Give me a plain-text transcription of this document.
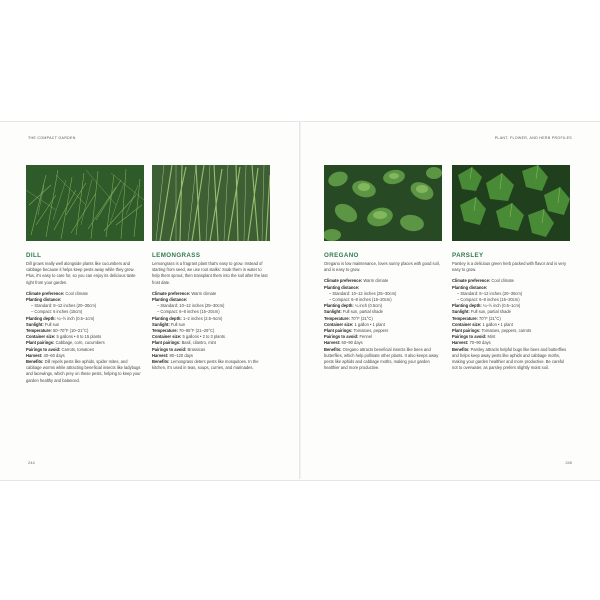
THE COMPACT GARDEN	PLANT, FLOWER, AND HERB PROFILES
244	245
DILL
Dill grows really well alongside plants like cucumbers and cabbage because it helps keep pests away while they grow. Plus, it's easy to care for, so you can enjoy its delicious taste right from your garden.
Climate preference: Cool climate
Planting distance:
– Standard: 8–12 inches (20–30cm)
– Compact: 6 inches (15cm)
Planting depth: ¼–½ inch (0.5–1cm)
Sunlight: Full sun
Temperature: 50–70°F (10–21°C)
Container size: 5 gallons • 6 to 15 plants
Plant pairings: Cabbage, corn, cucumbers
Pairings to avoid: Carrots, tomatoes
Harvest: 40–60 days
Benefits: Dill repels pests like aphids, spider mites, and cabbage worms while attracting beneficial insects like ladybugs and lacewings, which prey on these pests, helping to keep your garden healthy and balanced.
LEMONGRASS
Lemongrass is a fragrant plant that's easy to grow. Instead of starting from seed, we use root stalks: Soak them in water to help them sprout, then transplant them into the soil after the last frost date.
Climate preference: Warm climate
Planting distance:
– Standard: 10–12 inches (25–30cm)
– Compact: 6–8 inches (15–20cm)
Planting depth: 1–2 inches (2.5–5cm)
Sunlight: Full sun
Temperature: 70–85°F (21–29°C)
Container size: 5 gallons • 2 to 3 plants
Plant pairings: Basil, cilantro, mint
Pairings to avoid: Brassicas
Harvest: 80–120 days
Benefits: Lemongrass deters pests like mosquitoes. In the kitchen, it's used in teas, soups, curries, and marinades.
OREGANO
Oregano is low maintenance, loves sunny places with good soil, and is easy to grow.
Climate preference: Warm climate
Planting distance:
– Standard: 10–12 inches (25–30cm)
– Compact: 6–8 inches (15–20cm)
Planting depth: ¼ inch (0.5cm)
Sunlight: Full sun, partial shade
Temperature: 70°F (21°C)
Container size: 1 gallon • 1 plant
Plant pairings: Tomatoes, peppers
Pairings to avoid: Fennel
Harvest: 60–90 days
Benefits: Oregano attracts beneficial insects like bees and butterflies, which help pollinate other plants. It also keeps away pests like aphids and cabbage moths, making your garden healthier and more productive.
PARSLEY
Parsley is a delicious green herb packed with flavor and is very easy to grow.
Climate preference: Cool climate
Planting distance:
– Standard: 8–12 inches (20–30cm)
– Compact: 6–8 inches (15–20cm)
Planting depth: ¼–½ inch (0.5–1cm)
Sunlight: Full sun, partial shade
Temperature: 70°F (21°C)
Container size: 1 gallon • 1 plant
Plant pairings: Tomatoes, peppers, carrots
Pairings to avoid: Mint
Harvest: 70–90 days
Benefits: Parsley attracts helpful bugs like bees and butterflies and helps keep away pests like aphids and cabbage moths, making your garden healthier and more productive. Be careful not to overwater, as parsley prefers slightly moist soil.
